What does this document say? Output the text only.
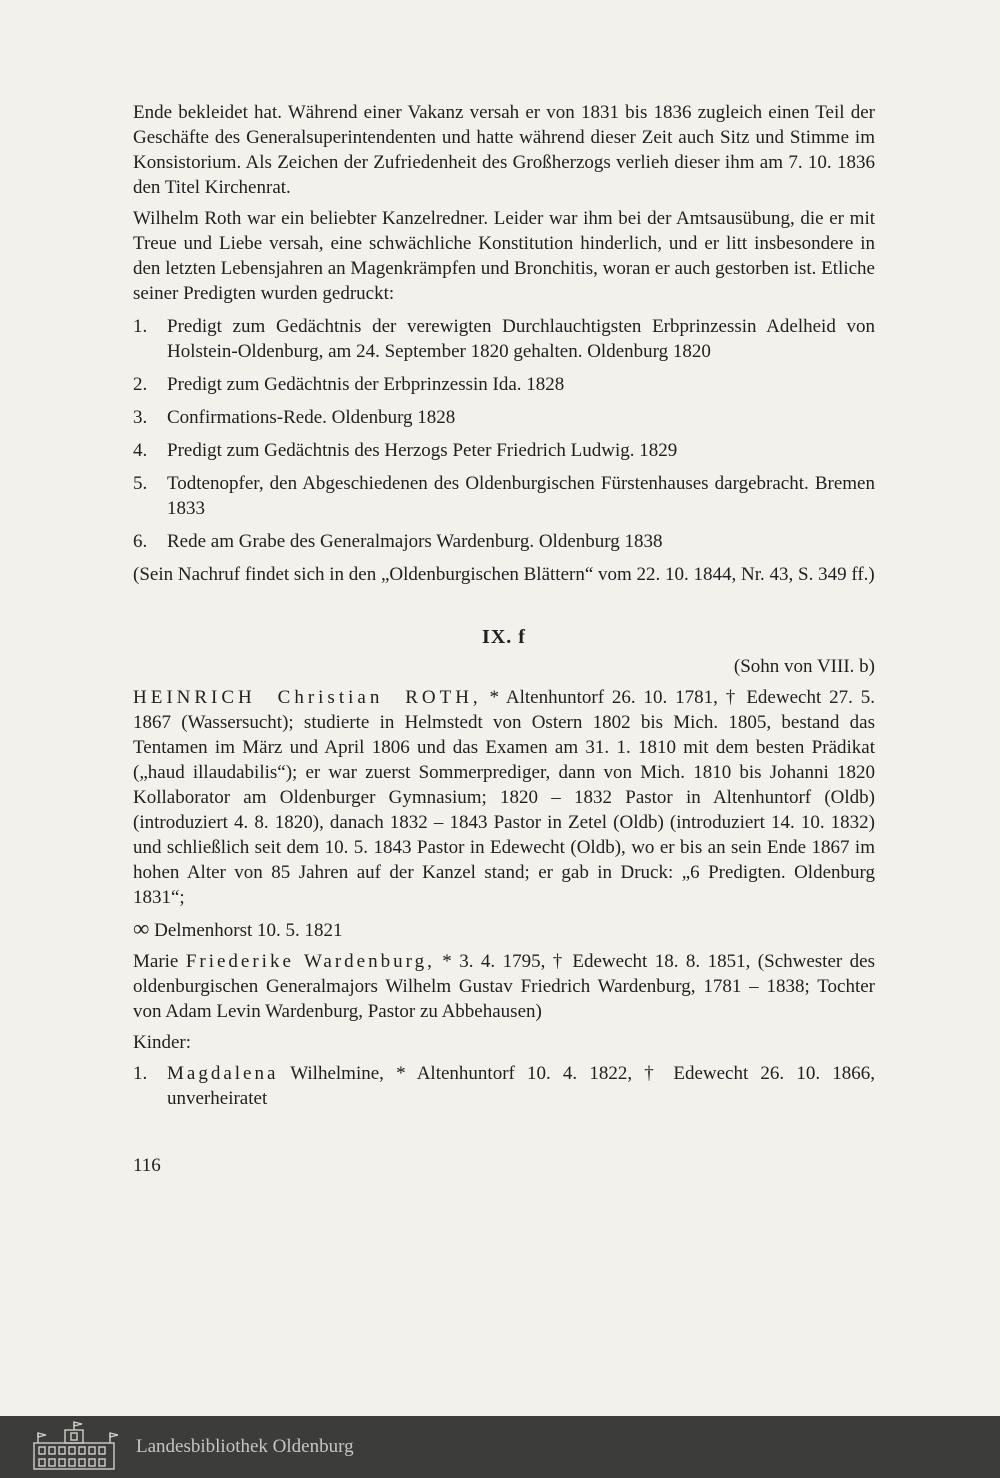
Ende bekleidet hat. Während einer Vakanz versah er von 1831 bis 1836 zugleich einen Teil der Geschäfte des Generalsuperintendenten und hatte während dieser Zeit auch Sitz und Stimme im Konsistorium. Als Zeichen der Zufriedenheit des Großherzogs verlieh dieser ihm am 7. 10. 1836 den Titel Kirchenrat.

Wilhelm Roth war ein beliebter Kanzelredner. Leider war ihm bei der Amtsausübung, die er mit Treue und Liebe versah, eine schwächliche Konstitution hinderlich, und er litt insbesondere in den letzten Lebensjahren an Magenkrämpfen und Bronchitis, woran er auch gestorben ist. Etliche seiner Predigten wurden gedruckt:

1.	Predigt zum Gedächtnis der verewigten Durchlauchtigsten Erbprinzessin Adelheid von Holstein-Oldenburg, am 24. September 1820 gehalten. Oldenburg 1820
2.	Predigt zum Gedächtnis der Erbprinzessin Ida. 1828
3.	Confirmations-Rede. Oldenburg 1828
4.	Predigt zum Gedächtnis des Herzogs Peter Friedrich Ludwig. 1829
5.	Todtenopfer, den Abgeschiedenen des Oldenburgischen Fürstenhauses dargebracht. Bremen 1833
6.	Rede am Grabe des Generalmajors Wardenburg. Oldenburg 1838

(Sein Nachruf findet sich in den „Oldenburgischen Blättern“ vom 22. 10. 1844, Nr. 43, S. 349 ff.)

IX. f

(Sohn von VIII. b)

HEINRICH Christian ROTH, * Altenhuntorf 26. 10. 1781, † Edewecht 27. 5. 1867 (Wassersucht); studierte in Helmstedt von Ostern 1802 bis Mich. 1805, bestand das Tentamen im März und April 1806 und das Examen am 31. 1. 1810 mit dem besten Prädikat („haud illaudabilis“); er war zuerst Sommerprediger, dann von Mich. 1810 bis Johanni 1820 Kollaborator am Oldenburger Gymnasium; 1820 – 1832 Pastor in Altenhuntorf (Oldb) (introduziert 4. 8. 1820), danach 1832 – 1843 Pastor in Zetel (Oldb) (introduziert 14. 10. 1832) und schließlich seit dem 10. 5. 1843 Pastor in Edewecht (Oldb), wo er bis an sein Ende 1867 im hohen Alter von 85 Jahren auf der Kanzel stand; er gab in Druck: „6 Predigten. Oldenburg 1831“;

∞ Delmenhorst 10. 5. 1821

Marie Friederike Wardenburg, * 3. 4. 1795, † Edewecht 18. 8. 1851, (Schwester des oldenburgischen Generalmajors Wilhelm Gustav Friedrich Wardenburg, 1781 – 1838; Tochter von Adam Levin Wardenburg, Pastor zu Abbehausen)

Kinder:

1.	Magdalena Wilhelmine, * Altenhuntorf 10. 4. 1822, † Edewecht 26. 10. 1866, unverheiratet
116
Landesbibliothek Oldenburg
